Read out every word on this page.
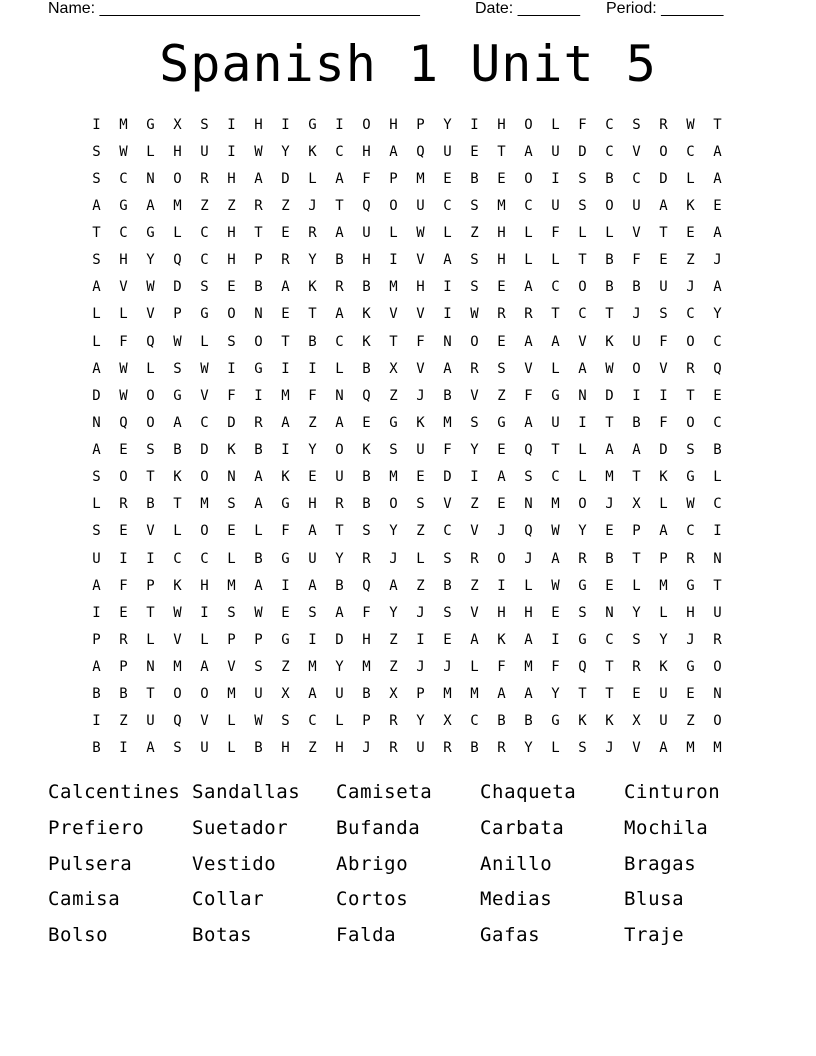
Name: ____________________________________	Date: _______ Period: _______
Spanish 1 Unit 5
I	M	G	X	S	I	H	I	G	I	O	H	P	Y	I	H	O	L	F	C	S	R	W	T
S	W	L	H	U	I	W	Y	K	C	H	A	Q	U	E	T	A	U	D	C	V	O	C	A
S	C	N	O	R	H	A	D	L	A	F	P	M	E	B	E	O	I	S	B	C	D	L	A
A	G	A	M	Z	Z	R	Z	J	T	Q	O	U	C	S	M	C	U	S	O	U	A	K	E
T	C	G	L	C	H	T	E	R	A	U	L	W	L	Z	H	L	F	L	L	V	T	E	A
S	H	Y	Q	C	H	P	R	Y	B	H	I	V	A	S	H	L	L	T	B	F	E	Z	J
A	V	W	D	S	E	B	A	K	R	B	M	H	I	S	E	A	C	O	B	B	U	J	A
L	L	V	P	G	O	N	E	T	A	K	V	V	I	W	R	R	T	C	T	J	S	C	Y
L	F	Q	W	L	S	O	T	B	C	K	T	F	N	O	E	A	A	V	K	U	F	O	C
A	W	L	S	W	I	G	I	I	L	B	X	V	A	R	S	V	L	A	W	O	V	R	Q
D	W	O	G	V	F	I	M	F	N	Q	Z	J	B	V	Z	F	G	N	D	I	I	T	E
N	Q	O	A	C	D	R	A	Z	A	E	G	K	M	S	G	A	U	I	T	B	F	O	C
A	E	S	B	D	K	B	I	Y	O	K	S	U	F	Y	E	Q	T	L	A	A	D	S	B
S	O	T	K	O	N	A	K	E	U	B	M	E	D	I	A	S	C	L	M	T	K	G	L
L	R	B	T	M	S	A	G	H	R	B	O	S	V	Z	E	N	M	O	J	X	L	W	C
S	E	V	L	O	E	L	F	A	T	S	Y	Z	C	V	J	Q	W	Y	E	P	A	C	I
U	I	I	C	C	L	B	G	U	Y	R	J	L	S	R	O	J	A	R	B	T	P	R	N
A	F	P	K	H	M	A	I	A	B	Q	A	Z	B	Z	I	L	W	G	E	L	M	G	T
I	E	T	W	I	S	W	E	S	A	F	Y	J	S	V	H	H	E	S	N	Y	L	H	U
P	R	L	V	L	P	P	G	I	D	H	Z	I	E	A	K	A	I	G	C	S	Y	J	R
A	P	N	M	A	V	S	Z	M	Y	M	Z	J	J	L	F	M	F	Q	T	R	K	G	O
B	B	T	O	O	M	U	X	A	U	B	X	P	M	M	A	A	Y	T	T	E	U	E	N
I	Z	U	Q	V	L	W	S	C	L	P	R	Y	X	C	B	B	G	K	K	X	U	Z	O
B	I	A	S	U	L	B	H	Z	H	J	R	U	R	B	R	Y	L	S	J	V	A	M	M
Calcentines Sandallas	Camiseta	Chaqueta	Cinturon
Prefiero	Suetador	Bufanda	Carbata	Mochila
Pulsera	Vestido	Abrigo	Anillo	Bragas
Camisa	Collar	Cortos	Medias	Blusa
Bolso	Botas	Falda	Gafas	Traje
